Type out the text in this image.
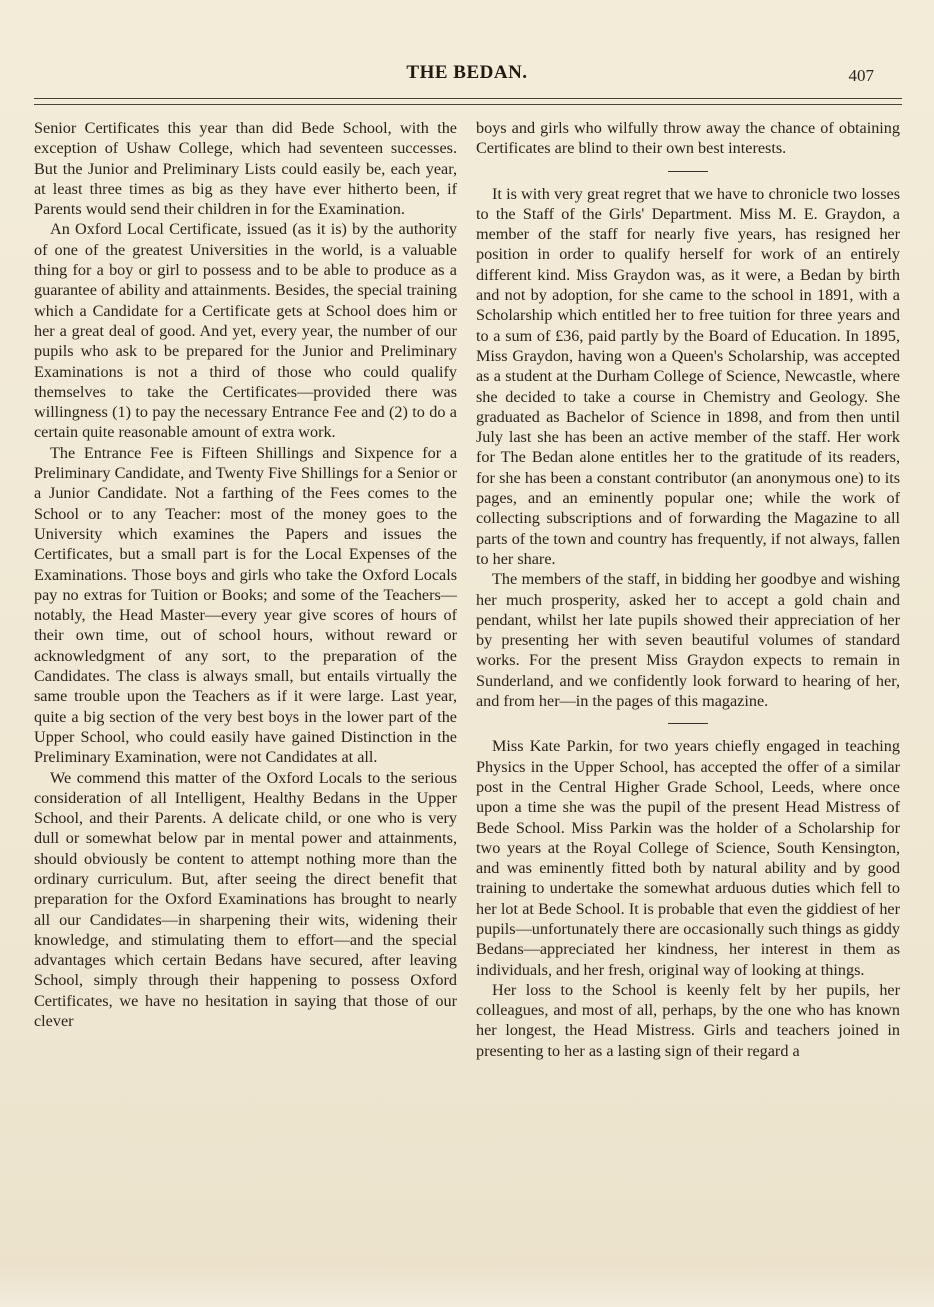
THE BEDAN.	407

Senior Certificates this year than did Bede School, with the exception of Ushaw College, which had seventeen successes. But the Junior and Preliminary Lists could easily be, each year, at least three times as big as they have ever hitherto been, if Parents would send their children in for the Examination.

An Oxford Local Certificate, issued (as it is) by the authority of one of the greatest Universities in the world, is a valuable thing for a boy or girl to possess and to be able to produce as a guarantee of ability and attainments. Besides, the special training which a Candidate for a Certificate gets at School does him or her a great deal of good. And yet, every year, the number of our pupils who ask to be prepared for the Junior and Preliminary Examinations is not a third of those who could qualify themselves to take the Certificates—provided there was willingness (1) to pay the necessary Entrance Fee and (2) to do a certain quite reasonable amount of extra work.

The Entrance Fee is Fifteen Shillings and Sixpence for a Preliminary Candidate, and Twenty Five Shillings for a Senior or a Junior Candidate. Not a farthing of the Fees comes to the School or to any Teacher: most of the money goes to the University which examines the Papers and issues the Certificates, but a small part is for the Local Expenses of the Examinations. Those boys and girls who take the Oxford Locals pay no extras for Tuition or Books; and some of the Teachers—notably, the Head Master—every year give scores of hours of their own time, out of school hours, without reward or acknowledgment of any sort, to the preparation of the Candidates. The class is always small, but entails virtually the same trouble upon the Teachers as if it were large. Last year, quite a big section of the very best boys in the lower part of the Upper School, who could easily have gained Distinction in the Preliminary Examination, were not Candidates at all.

We commend this matter of the Oxford Locals to the serious consideration of all Intelligent, Healthy Bedans in the Upper School, and their Parents. A delicate child, or one who is very dull or somewhat below par in mental power and attainments, should obviously be content to attempt nothing more than the ordinary curriculum. But, after seeing the direct benefit that preparation for the Oxford Examinations has brought to nearly all our Candidates—in sharpening their wits, widening their knowledge, and stimulating them to effort—and the special advantages which certain Bedans have secured, after leaving School, simply through their happening to possess Oxford Certificates, we have no hesitation in saying that those of our clever

boys and girls who wilfully throw away the chance of obtaining Certificates are blind to their own best interests.

It is with very great regret that we have to chronicle two losses to the Staff of the Girls' Department. Miss M. E. Graydon, a member of the staff for nearly five years, has resigned her position in order to qualify herself for work of an entirely different kind. Miss Graydon was, as it were, a Bedan by birth and not by adoption, for she came to the school in 1891, with a Scholarship which entitled her to free tuition for three years and to a sum of £36, paid partly by the Board of Education. In 1895, Miss Graydon, having won a Queen's Scholarship, was accepted as a student at the Durham College of Science, Newcastle, where she decided to take a course in Chemistry and Geology. She graduated as Bachelor of Science in 1898, and from then until July last she has been an active member of the staff. Her work for The Bedan alone entitles her to the gratitude of its readers, for she has been a constant contributor (an anonymous one) to its pages, and an eminently popular one; while the work of collecting subscriptions and of forwarding the Magazine to all parts of the town and country has frequently, if not always, fallen to her share.

The members of the staff, in bidding her goodbye and wishing her much prosperity, asked her to accept a gold chain and pendant, whilst her late pupils showed their appreciation of her by presenting her with seven beautiful volumes of standard works. For the present Miss Graydon expects to remain in Sunderland, and we confidently look forward to hearing of her, and from her—in the pages of this magazine.

Miss Kate Parkin, for two years chiefly engaged in teaching Physics in the Upper School, has accepted the offer of a similar post in the Central Higher Grade School, Leeds, where once upon a time she was the pupil of the present Head Mistress of Bede School. Miss Parkin was the holder of a Scholarship for two years at the Royal College of Science, South Kensington, and was eminently fitted both by natural ability and by good training to undertake the somewhat arduous duties which fell to her lot at Bede School. It is probable that even the giddiest of her pupils—unfortunately there are occasionally such things as giddy Bedans—appreciated her kindness, her interest in them as individuals, and her fresh, original way of looking at things.

Her loss to the School is keenly felt by her pupils, her colleagues, and most of all, perhaps, by the one who has known her longest, the Head Mistress. Girls and teachers joined in presenting to her as a lasting sign of their regard a
